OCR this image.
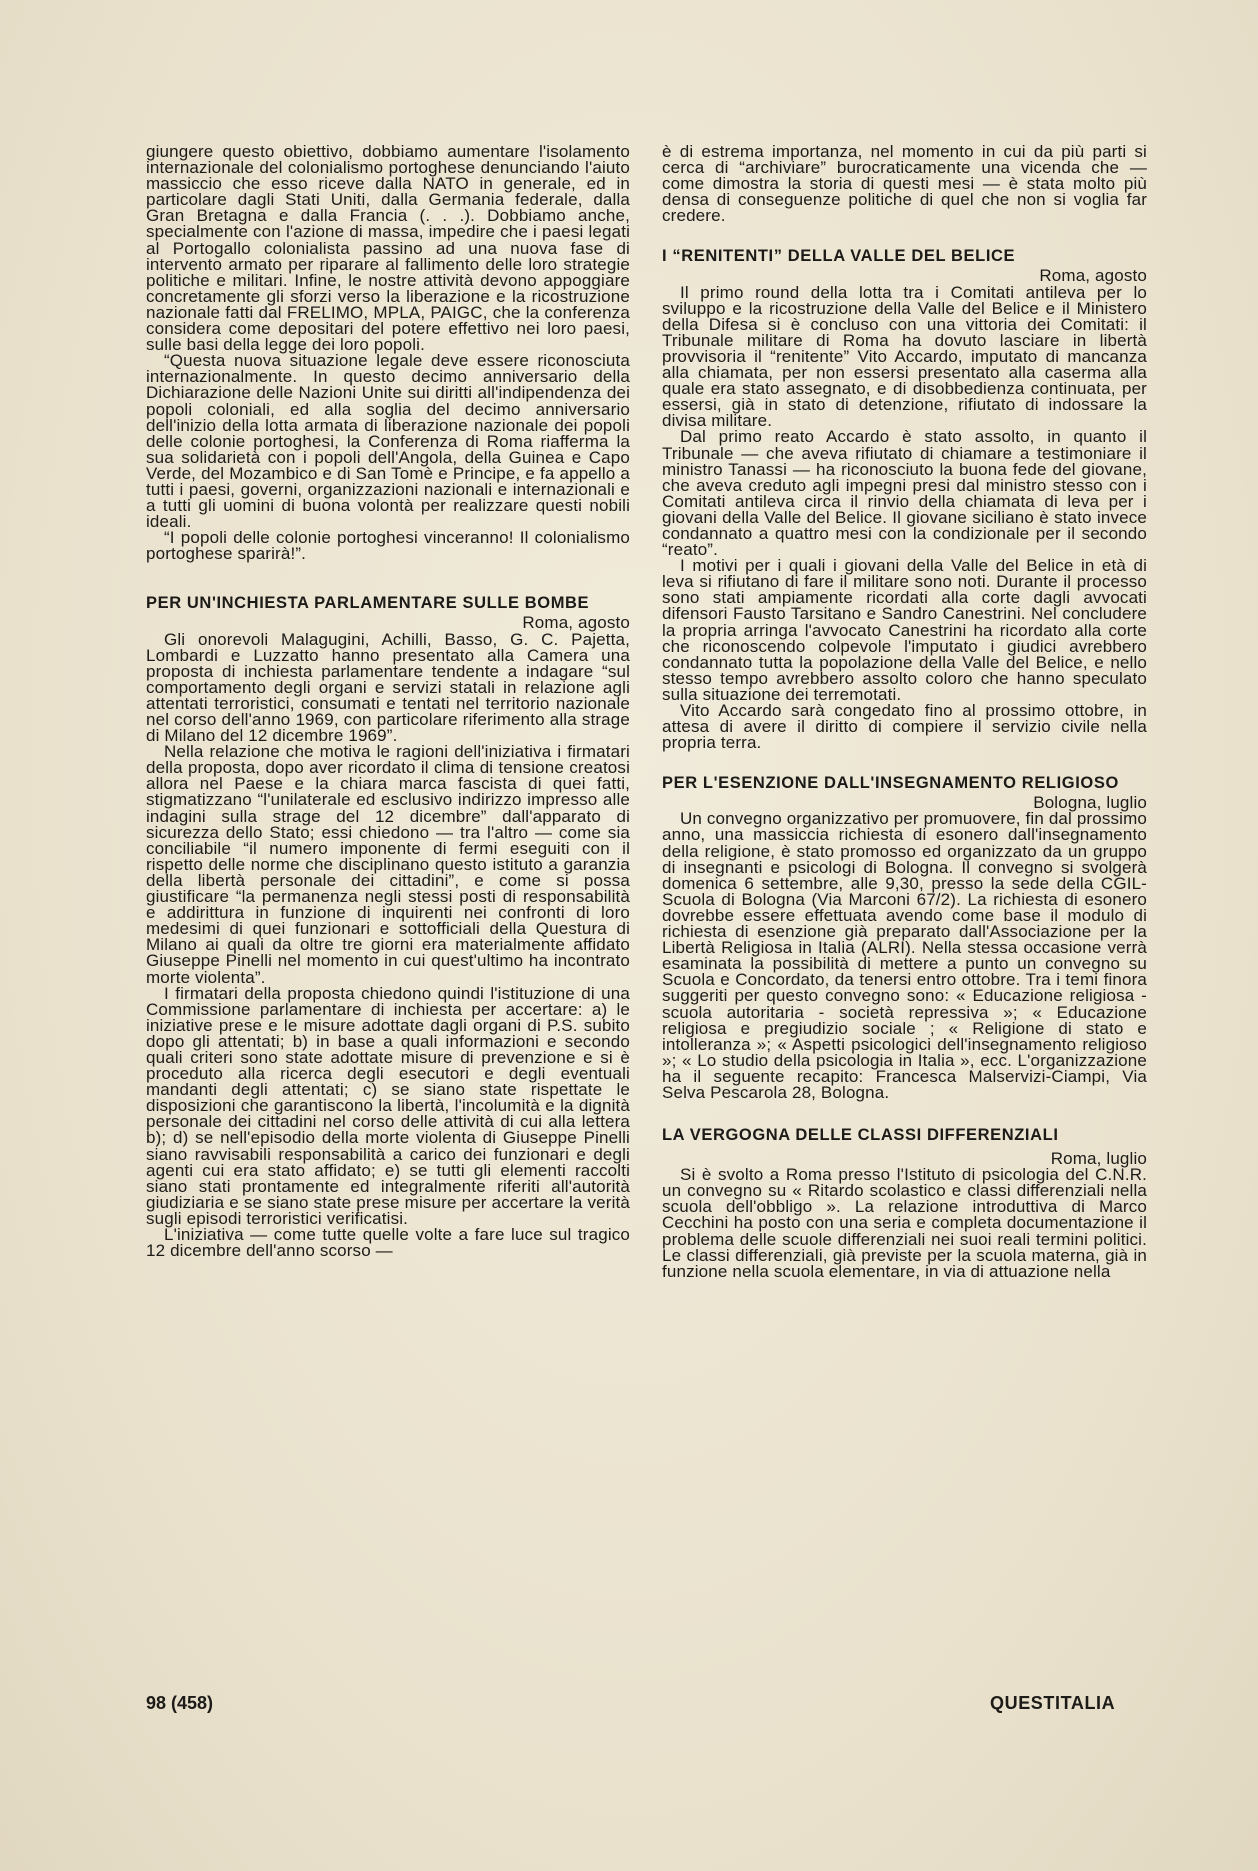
giungere questo obiettivo, dobbiamo aumentare l'isolamento internazionale del colonialismo portoghese denunciando l'aiuto massiccio che esso riceve dalla NATO in generale, ed in particolare dagli Stati Uniti, dalla Germania federale, dalla Gran Bretagna e dalla Francia (. . .). Dobbiamo anche, specialmente con l'azione di massa, impedire che i paesi legati al Portogallo colonialista passino ad una nuova fase di intervento armato per riparare al fallimento delle loro strategie politiche e militari. Infine, le nostre attività devono appoggiare concretamente gli sforzi verso la liberazione e la ricostruzione nazionale fatti dal FRELIMO, MPLA, PAIGC, che la conferenza considera come depositari del potere effettivo nei loro paesi, sulle basi della legge dei loro popoli.

“Questa nuova situazione legale deve essere riconosciuta internazionalmente. In questo decimo anniversario della Dichiarazione delle Nazioni Unite sui diritti all'indipendenza dei popoli coloniali, ed alla soglia del decimo anniversario dell'inizio della lotta armata di liberazione nazionale dei popoli delle colonie portoghesi, la Conferenza di Roma riafferma la sua solidarietà con i popoli dell'Angola, della Guinea e Capo Verde, del Mozambico e di San Tomè e Principe, e fa appello a tutti i paesi, governi, organizzazioni nazionali e internazionali e a tutti gli uomini di buona volontà per realizzare questi nobili ideali.

“I popoli delle colonie portoghesi vinceranno! Il colonialismo portoghese sparirà!”.

PER UN'INCHIESTA PARLAMENTARE SULLE BOMBE

Roma, agosto

Gli onorevoli Malagugini, Achilli, Basso, G. C. Pajetta, Lombardi e Luzzatto hanno presentato alla Camera una proposta di inchiesta parlamentare tendente a indagare “sul comportamento degli organi e servizi statali in relazione agli attentati terroristici, consumati e tentati nel territorio nazionale nel corso dell'anno 1969, con particolare riferimento alla strage di Milano del 12 dicembre 1969”.

Nella relazione che motiva le ragioni dell'iniziativa i firmatari della proposta, dopo aver ricordato il clima di tensione creatosi allora nel Paese e la chiara marca fascista di quei fatti, stigmatizzano “l'unilaterale ed esclusivo indirizzo impresso alle indagini sulla strage del 12 dicembre” dall'apparato di sicurezza dello Stato; essi chiedono — tra l'altro — come sia conciliabile “il numero imponente di fermi eseguiti con il rispetto delle norme che disciplinano questo istituto a garanzia della libertà personale dei cittadini”, e come si possa giustificare “la permanenza negli stessi posti di responsabilità e addirittura in funzione di inquirenti nei confronti di loro medesimi di quei funzionari e sottofficiali della Questura di Milano ai quali da oltre tre giorni era materialmente affidato Giuseppe Pinelli nel momento in cui quest'ultimo ha incontrato morte violenta”.

I firmatari della proposta chiedono quindi l'istituzione di una Commissione parlamentare di inchiesta per accertare: a) le iniziative prese e le misure adottate dagli organi di P.S. subito dopo gli attentati; b) in base a quali informazioni e secondo quali criteri sono state adottate misure di prevenzione e si è proceduto alla ricerca degli esecutori e degli eventuali mandanti degli attentati; c) se siano state rispettate le disposizioni che garantiscono la libertà, l'incolumità e la dignità personale dei cittadini nel corso delle attività di cui alla lettera b); d) se nell'episodio della morte violenta di Giuseppe Pinelli siano ravvisabili responsabilità a carico dei funzionari e degli agenti cui era stato affidato; e) se tutti gli elementi raccolti siano stati prontamente ed integralmente riferiti all'autorità giudiziaria e se siano state prese misure per accertare la verità sugli episodi terroristici verificatisi.

L'iniziativa — come tutte quelle volte a fare luce sul tragico 12 dicembre dell'anno scorso —

è di estrema importanza, nel momento in cui da più parti si cerca di “archiviare” burocraticamente una vicenda che — come dimostra la storia di questi mesi — è stata molto più densa di conseguenze politiche di quel che non si voglia far credere.

I “RENITENTI” DELLA VALLE DEL BELICE

Roma, agosto

Il primo round della lotta tra i Comitati antileva per lo sviluppo e la ricostruzione della Valle del Belice e il Ministero della Difesa si è concluso con una vittoria dei Comitati: il Tribunale militare di Roma ha dovuto lasciare in libertà provvisoria il “renitente” Vito Accardo, imputato di mancanza alla chiamata, per non essersi presentato alla caserma alla quale era stato assegnato, e di disobbedienza continuata, per essersi, già in stato di detenzione, rifiutato di indossare la divisa militare.

Dal primo reato Accardo è stato assolto, in quanto il Tribunale — che aveva rifiutato di chiamare a testimoniare il ministro Tanassi — ha riconosciuto la buona fede del giovane, che aveva creduto agli impegni presi dal ministro stesso con i Comitati antileva circa il rinvio della chiamata di leva per i giovani della Valle del Belice. Il giovane siciliano è stato invece condannato a quattro mesi con la condizionale per il secondo “reato”.

I motivi per i quali i giovani della Valle del Belice in età di leva si rifiutano di fare il militare sono noti. Durante il processo sono stati ampiamente ricordati alla corte dagli avvocati difensori Fausto Tarsitano e Sandro Canestrini. Nel concludere la propria arringa l'avvocato Canestrini ha ricordato alla corte che riconoscendo colpevole l'imputato i giudici avrebbero condannato tutta la popolazione della Valle del Belice, e nello stesso tempo avrebbero assolto coloro che hanno speculato sulla situazione dei terremotati.

Vito Accardo sarà congedato fino al prossimo ottobre, in attesa di avere il diritto di compiere il servizio civile nella propria terra.

PER L'ESENZIONE DALL'INSEGNAMENTO RELIGIOSO

Bologna, luglio

Un convegno organizzativo per promuovere, fin dal prossimo anno, una massiccia richiesta di esonero dall'insegnamento della religione, è stato promosso ed organizzato da un gruppo di insegnanti e psicologi di Bologna. Il convegno si svolgerà domenica 6 settembre, alle 9,30, presso la sede della CGIL-Scuola di Bologna (Via Marconi 67/2). La richiesta di esonero dovrebbe essere effettuata avendo come base il modulo di richiesta di esenzione già preparato dall'Associazione per la Libertà Religiosa in Italia (ALRI). Nella stessa occasione verrà esaminata la possibilità di mettere a punto un convegno su Scuola e Concordato, da tenersi entro ottobre. Tra i temi finora suggeriti per questo convegno sono: « Educazione religiosa - scuola autoritaria - società repressiva »; « Educazione religiosa e pregiudizio sociale ; « Religione di stato e intolleranza »; « Aspetti psicologici dell'insegnamento religioso »; « Lo studio della psicologia in Italia », ecc. L'organizzazione ha il seguente recapito: Francesca Malservizi-Ciampi, Via Selva Pescarola 28, Bologna.

LA VERGOGNA DELLE CLASSI DIFFERENZIALI

Roma, luglio

Si è svolto a Roma presso l'Istituto di psicologia del C.N.R. un convegno su « Ritardo scolastico e classi differenziali nella scuola dell'obbligo ». La relazione introduttiva di Marco Cecchini ha posto con una seria e completa documentazione il problema delle scuole differenziali nei suoi reali termini politici. Le classi differenziali, già previste per la scuola materna, già in funzione nella scuola elementare, in via di attuazione nella

98 (458)	QUESTITALIA
